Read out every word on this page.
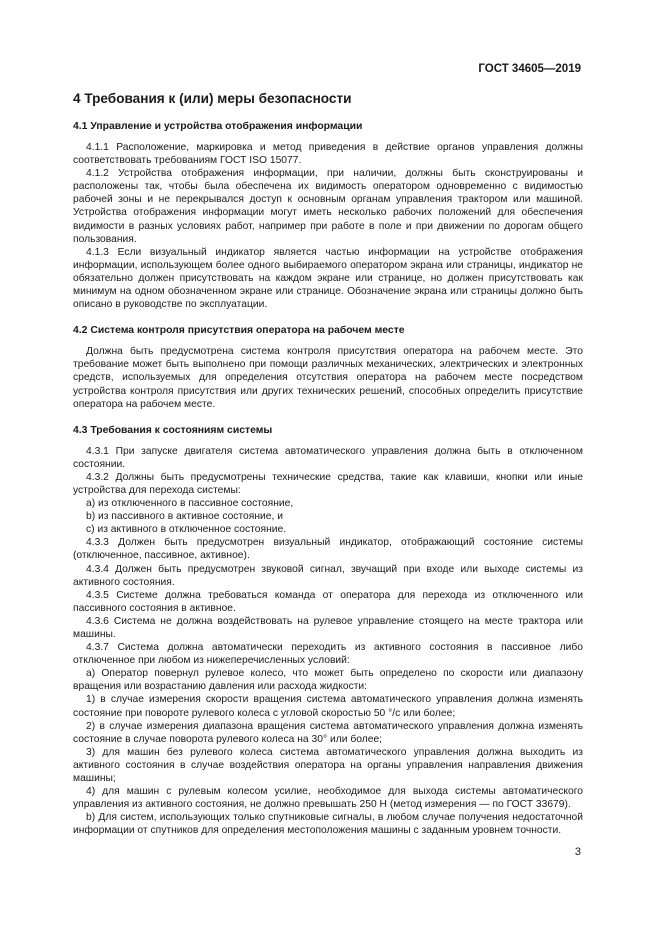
ГОСТ 34605—2019
4 Требования к (или) меры безопасности
4.1 Управление и устройства отображения информации

4.1.1 Расположение, маркировка и метод приведения в действие органов управления должны соответствовать требованиям ГОСТ ISO 15077.

4.1.2 Устройства отображения информации, при наличии, должны быть сконструированы и расположены так, чтобы была обеспечена их видимость оператором одновременно с видимостью рабочей зоны и не перекрывался доступ к основным органам управления трактором или машиной. Устройства отображения информации могут иметь несколько рабочих положений для обеспечения видимости в разных условиях работ, например при работе в поле и при движении по дорогам общего пользования.

4.1.3 Если визуальный индикатор является частью информации на устройстве отображения информации, использующем более одного выбираемого оператором экрана или страницы, индикатор не обязательно должен присутствовать на каждом экране или странице, но должен присутствовать как минимум на одном обозначенном экране или странице. Обозначение экрана или страницы должно быть описано в руководстве по эксплуатации.

4.2 Система контроля присутствия оператора на рабочем месте

Должна быть предусмотрена система контроля присутствия оператора на рабочем месте. Это требование может быть выполнено при помощи различных механических, электрических и электронных средств, используемых для определения отсутствия оператора на рабочем месте посредством устройства контроля присутствия или других технических решений, способных определить присутствие оператора на рабочем месте.

4.3 Требования к состояниям системы

4.3.1 При запуске двигателя система автоматического управления должна быть в отключенном состоянии.

4.3.2 Должны быть предусмотрены технические средства, такие как клавиши, кнопки или иные устройства для перехода системы:

a) из отключенного в пассивное состояние,

b) из пассивного в активное состояние, и

c) из активного в отключенное состояние.

4.3.3 Должен быть предусмотрен визуальный индикатор, отображающий состояние системы (отключенное, пассивное, активное).

4.3.4 Должен быть предусмотрен звуковой сигнал, звучащий при входе или выходе системы из активного состояния.

4.3.5 Системе должна требоваться команда от оператора для перехода из отключенного или пассивного состояния в активное.

4.3.6 Система не должна воздействовать на рулевое управление стоящего на месте трактора или машины.

4.3.7 Система должна автоматически переходить из активного состояния в пассивное либо отключенное при любом из нижеперечисленных условий:

a) Оператор повернул рулевое колесо, что может быть определено по скорости или диапазону вращения или возрастанию давления или расхода жидкости:

1) в случае измерения скорости вращения система автоматического управления должна изменять состояние при повороте рулевого колеса с угловой скоростью 50 °/с или более;

2) в случае измерения диапазона вращения система автоматического управления должна изменять состояние в случае поворота рулевого колеса на 30° или более;

3) для машин без рулевого колеса система автоматического управления должна выходить из активного состояния в случае воздействия оператора на органы управления направления движения машины;

4) для машин с рулевым колесом усилие, необходимое для выхода системы автоматического управления из активного состояния, не должно превышать 250 Н (метод измерения — по ГОСТ 33679).

b) Для систем, использующих только спутниковые сигналы, в любом случае получения недостаточной информации от спутников для определения местоположения машины с заданным уровнем точности.

3
